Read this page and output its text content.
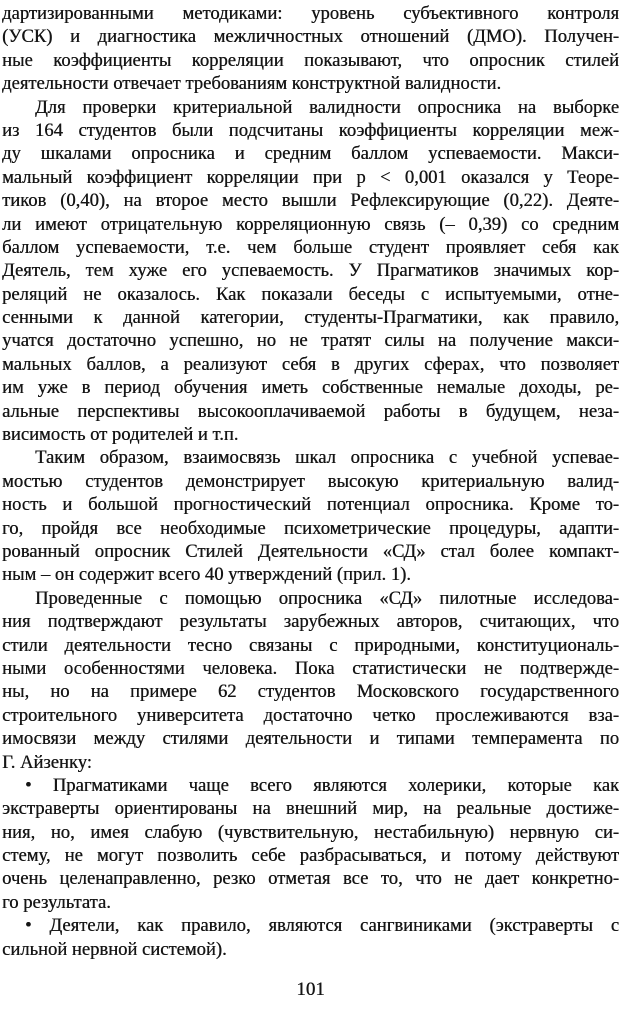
дартизированными методиками: уровень субъективного контроля
(УСК) и диагностика межличностных отношений (ДМО). Получен-
ные коэффициенты корреляции показывают, что опросник стилей
деятельности отвечает требованиям конструктной валидности.
Для проверки критериальной валидности опросника на выборке
из 164 студентов были подсчитаны коэффициенты корреляции меж-
ду шкалами опросника и средним баллом успеваемости. Макси-
мальный коэффициент корреляции при р < 0,001 оказался у Теоре-
тиков (0,40), на второе место вышли Рефлексирующие (0,22). Деяте-
ли имеют отрицательную корреляционную связь (– 0,39) со средним
баллом успеваемости, т.е. чем больше студент проявляет себя как
Деятель, тем хуже его успеваемость. У Прагматиков значимых кор-
реляций не оказалось. Как показали беседы с испытуемыми, отне-
сенными к данной категории, студенты-Прагматики, как правило,
учатся достаточно успешно, но не тратят силы на получение макси-
мальных баллов, а реализуют себя в других сферах, что позволяет
им уже в период обучения иметь собственные немалые доходы, ре-
альные перспективы высокооплачиваемой работы в будущем, неза-
висимость от родителей и т.п.
Таким образом, взаимосвязь шкал опросника с учебной успевае-
мостью студентов демонстрирует высокую критериальную валид-
ность и большой прогностический потенциал опросника. Кроме то-
го, пройдя все необходимые психометрические процедуры, адапти-
рованный опросник Стилей Деятельности «СД» стал более компакт-
ным – он содержит всего 40 утверждений (прил. 1).
Проведенные с помощью опросника «СД» пилотные исследова-
ния подтверждают результаты зарубежных авторов, считающих, что
стили деятельности тесно связаны с природными, конституциональ-
ными особенностями человека. Пока статистически не подтвержде-
ны, но на примере 62 студентов Московского государственного
строительного университета достаточно четко прослеживаются вза-
имосвязи между стилями деятельности и типами темперамента по
Г. Айзенку:
• Прагматиками чаще всего являются холерики, которые как
экстраверты ориентированы на внешний мир, на реальные достиже-
ния, но, имея слабую (чувствительную, нестабильную) нервную си-
стему, не могут позволить себе разбрасываться, и потому действуют
очень целенаправленно, резко отметая все то, что не дает конкретно-
го результата.
• Деятели, как правило, являются сангвиниками (экстраверты с
сильной нервной системой).
101
